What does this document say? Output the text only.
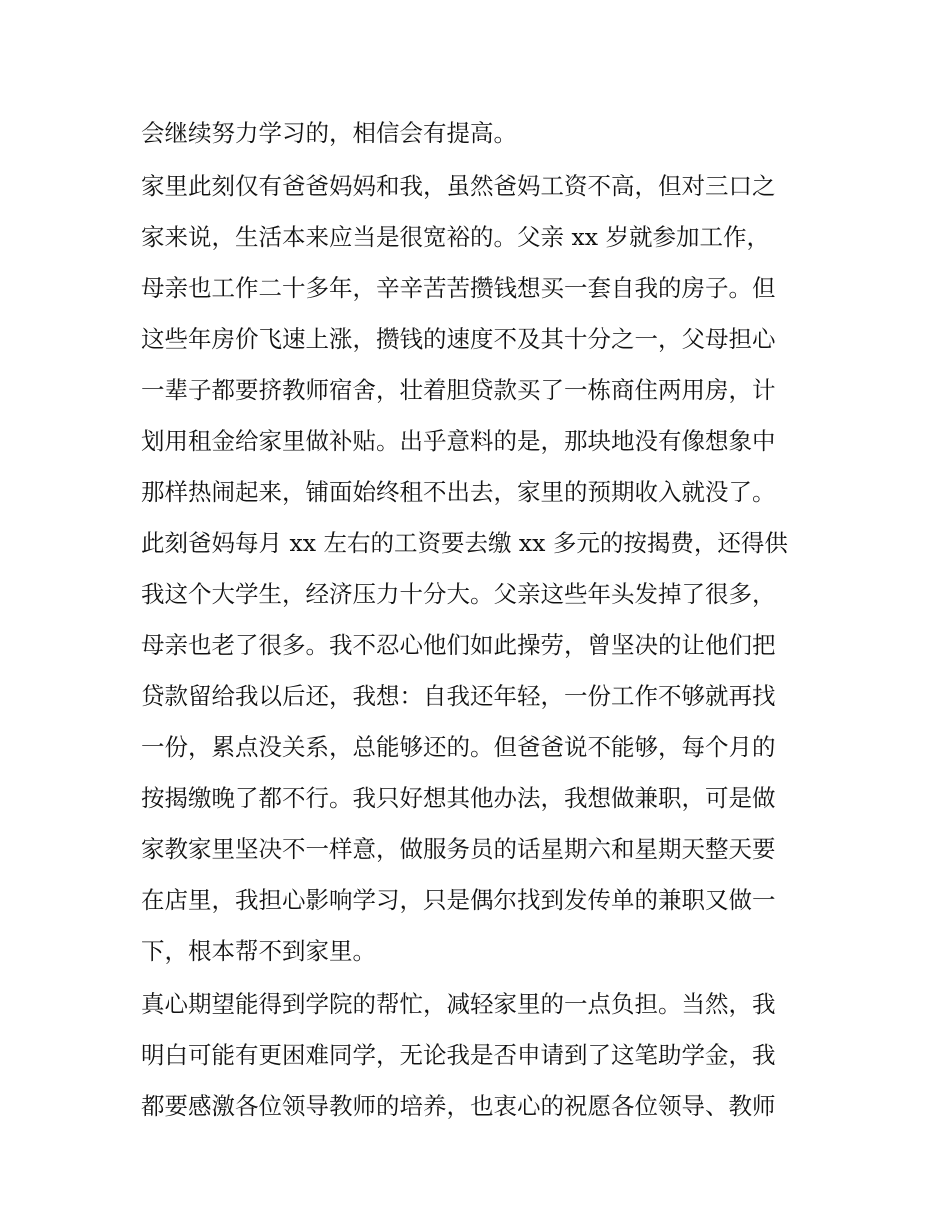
会继续努力学习的，相信会有提高。
家里此刻仅有爸爸妈妈和我，虽然爸妈工资不高，但对三口之
家来说，生活本来应当是很宽裕的。父亲 xx 岁就参加工作，
母亲也工作二十多年，辛辛苦苦攒钱想买一套自我的房子。但
这些年房价飞速上涨，攒钱的速度不及其十分之一，父母担心
一辈子都要挤教师宿舍，壮着胆贷款买了一栋商住两用房，计
划用租金给家里做补贴。出乎意料的是，那块地没有像想象中
那样热闹起来，铺面始终租不出去，家里的预期收入就没了。
此刻爸妈每月 xx 左右的工资要去缴 xx 多元的按揭费，还得供
我这个大学生，经济压力十分大。父亲这些年头发掉了很多，
母亲也老了很多。我不忍心他们如此操劳，曾坚决的让他们把
贷款留给我以后还，我想：自我还年轻，一份工作不够就再找
一份，累点没关系，总能够还的。但爸爸说不能够，每个月的
按揭缴晚了都不行。我只好想其他办法，我想做兼职，可是做
家教家里坚决不一样意，做服务员的话星期六和星期天整天要
在店里，我担心影响学习，只是偶尔找到发传单的兼职又做一
下，根本帮不到家里。
真心期望能得到学院的帮忙，减轻家里的一点负担。当然，我
明白可能有更困难同学，无论我是否申请到了这笔助学金，我
都要感激各位领导教师的培养，也衷心的祝愿各位领导、教师
